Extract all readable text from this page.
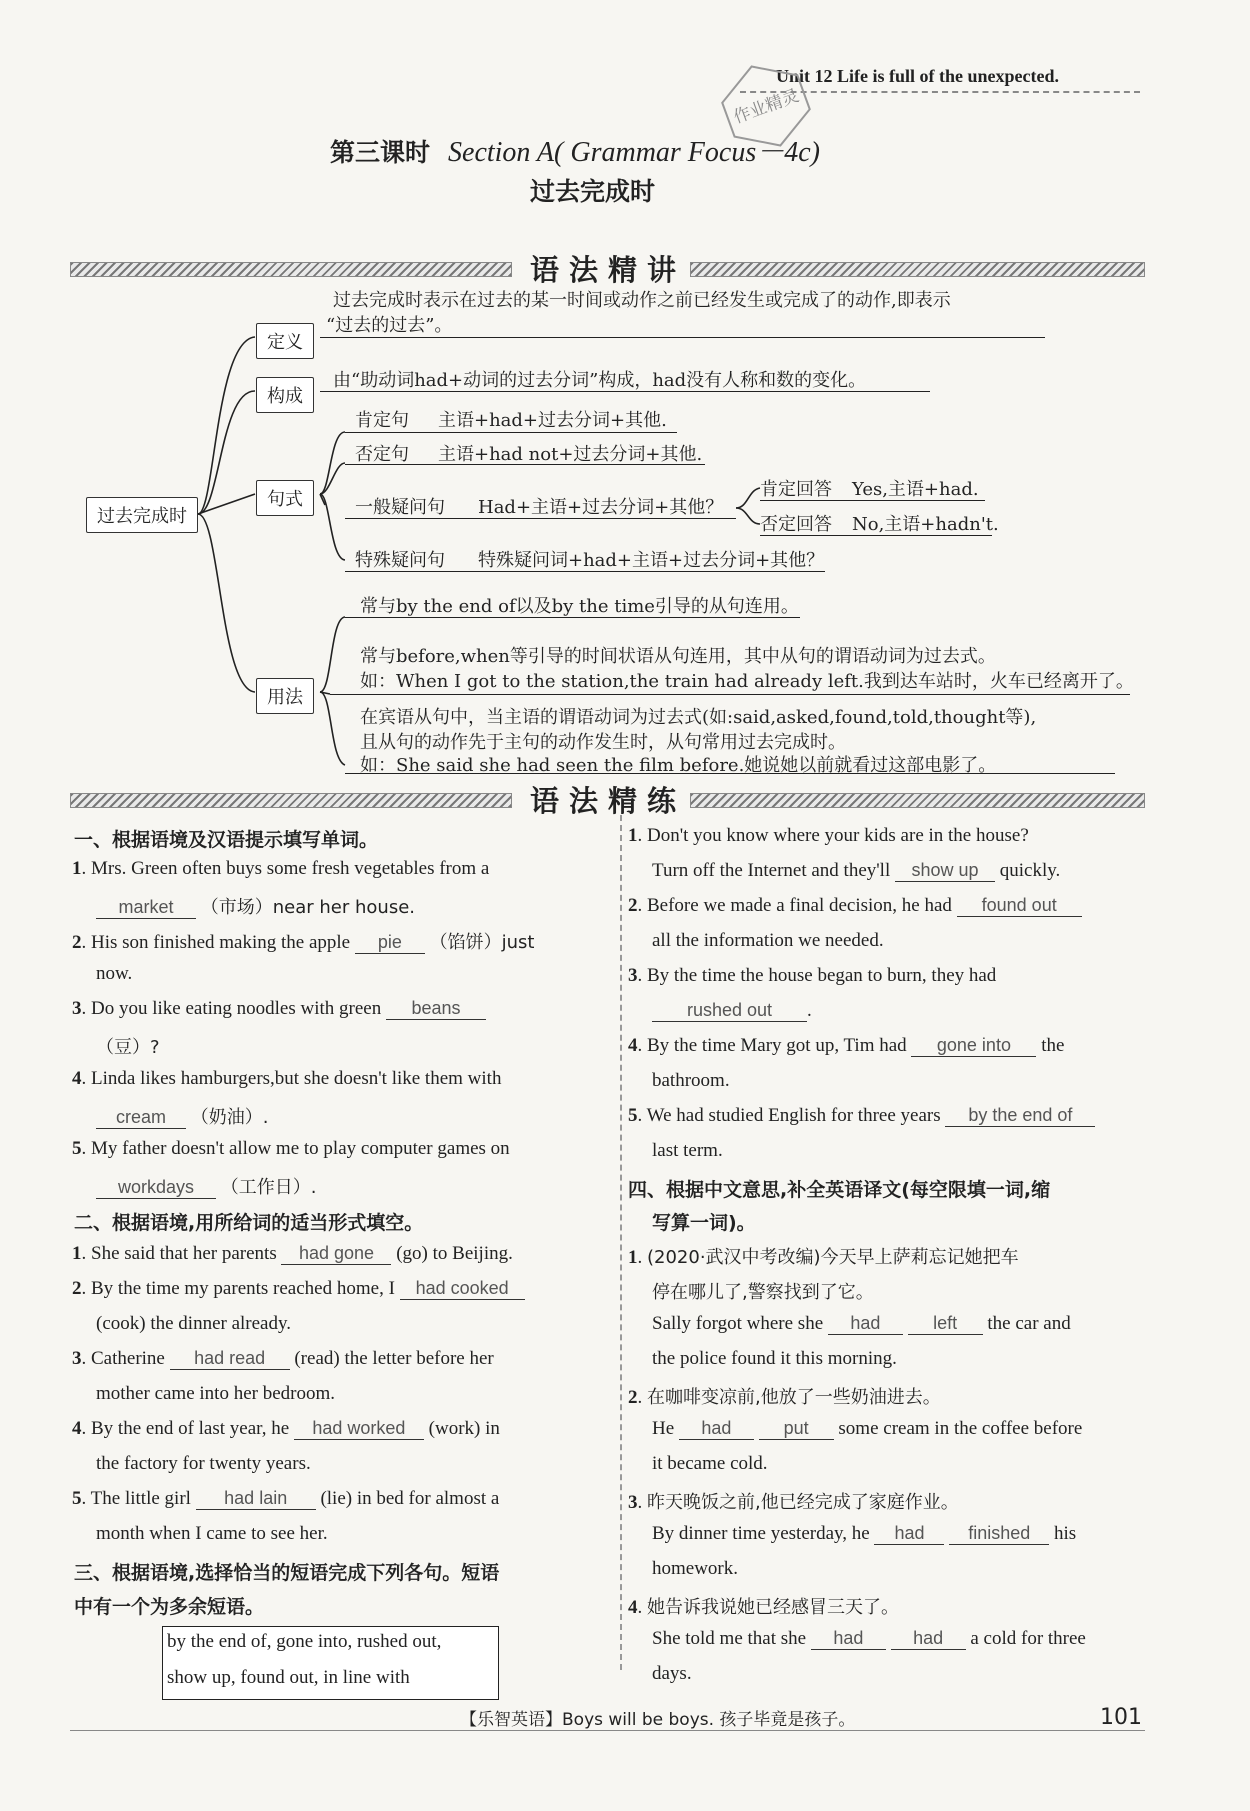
Unit 12 Life is full of the unexpected.
作业精灵
第三课时 Section A( Grammar Focus－4c)
过去完成时
语法精讲
过去完成时
定义
过去完成时表示在过去的某一时间或动作之前已经发生或完成了的动作,即表示
“过去的过去”。
构成
由“助动词had+动词的过去分词”构成，had没有人称和数的变化。
句式
肯定句 主语+had+过去分词+其他.
否定句 主语+had not+过去分词+其他.
一般疑问句 Had+主语+过去分词+其他？
肯定回答 Yes,主语+had.
否定回答 No,主语+hadn't.
特殊疑问句 特殊疑问词+had+主语+过去分词+其他？
用法
常与by the end of以及by the time引导的从句连用。
常与before,when等引导的时间状语从句连用，其中从句的谓语动词为过去式。
如：When I got to the station,the train had already left.我到达车站时，火车已经离开了。
在宾语从句中，当主语的谓语动词为过去式(如:said,asked,found,told,thought等),
且从句的动作先于主句的动作发生时，从句常用过去完成时。
如：She said she had seen the film before.她说她以前就看过这部电影了。
语法精练
一、根据语境及汉语提示填写单词。
1. Mrs. Green often buys some fresh vegetables from a
market （市场）near her house.
2. His son finished making the apple pie （馅饼）just
now.
3. Do you like eating noodles with green beans
（豆）?
4. Linda likes hamburgers,but she doesn't like them with
cream （奶油）.
5. My father doesn't allow me to play computer games on
workdays （工作日）.
二、根据语境,用所给词的适当形式填空。
1. She said that her parents had gone (go) to Beijing.
2. By the time my parents reached home, I had cooked
(cook) the dinner already.
3. Catherine had read (read) the letter before her
mother came into her bedroom.
4. By the end of last year, he had worked (work) in
the factory for twenty years.
5. The little girl had lain (lie) in bed for almost a
month when I came to see her.
三、根据语境,选择恰当的短语完成下列各句。短语
中有一个为多余短语。
by the end of, gone into, rushed out,
show up, found out, in line with
1. Don't you know where your kids are in the house?
Turn off the Internet and they'll show up quickly.
2. Before we made a final decision, he had found out
all the information we needed.
3. By the time the house began to burn, they had
rushed out .
4. By the time Mary got up, Tim had gone into the
bathroom.
5. We had studied English for three years by the end of
last term.
四、根据中文意思,补全英语译文(每空限填一词,缩
写算一词)。
1. (2020·武汉中考改编)今天早上萨莉忘记她把车
停在哪儿了,警察找到了它。
Sally forgot where she had	left the car and
the police found it this morning.
2. 在咖啡变凉前,他放了一些奶油进去。
He had	put some cream in the coffee before
it became cold.
3. 昨天晚饭之前,他已经完成了家庭作业。
By dinner time yesterday, he had finished his
homework.
4. 她告诉我说她已经感冒三天了。
She told me that she had	had a cold for three
days.
【乐智英语】Boys will be boys. 孩子毕竟是孩子。	101
